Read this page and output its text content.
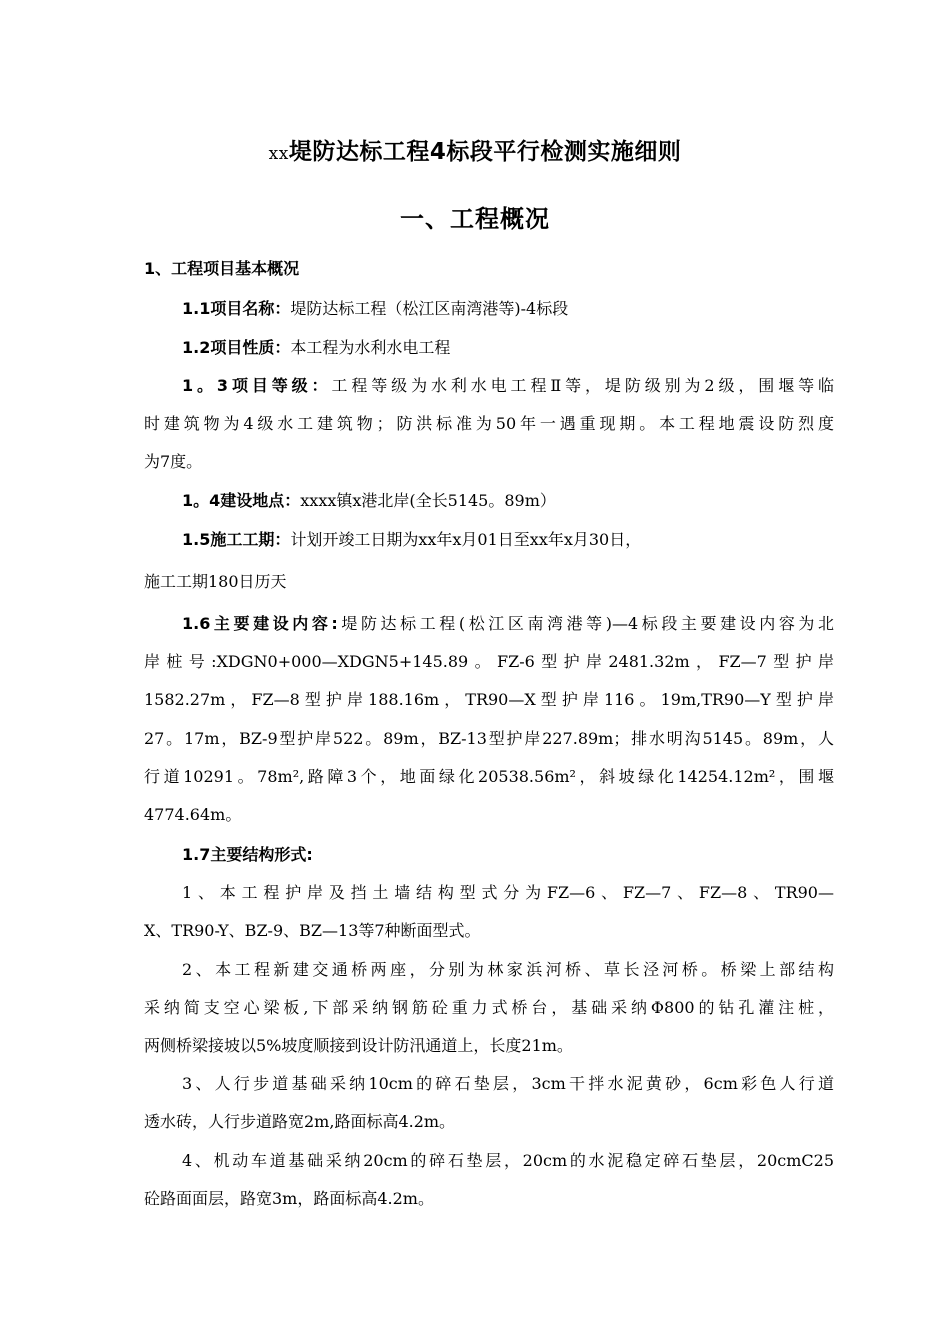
xx堤防达标工程4标段平行检测实施细则
一、工程概况
1、工程项目基本概况
1.1项目名称：堤防达标工程（松江区南湾港等)-4标段
1.2项目性质：本工程为水利水电工程
1。3项目等级：工程等级为水利水电工程Ⅱ等，堤防级别为2级，围堰等临
时建筑物为4级水工建筑物；防洪标准为50年一遇重现期。本工程地震设防烈度
为7度。
1。4建设地点：xxxx镇x港北岸(全长5145。89m）
1.5施工工期：计划开竣工日期为xx年x月01日至xx年x月30日，
施工工期180日历天
1.6主要建设内容:堤防达标工程(松江区南湾港等)—4标段主要建设内容为北
岸桩号:XDGN0+000—XDGN5+145.89。FZ-6型护岸2481.32m，FZ—7型护岸
1582.27m，FZ—8型护岸188.16m，TR90—X型护岸116。19m,TR90—Y型护岸
27。17m，BZ-9型护岸522。89m，BZ-13型护岸227.89m；排水明沟5145。89m，人
行道10291。78m²,路障3个，地面绿化20538.56m²，斜坡绿化14254.12m²，围堰
4774.64m。
1.7主要结构形式:
1、本工程护岸及挡土墙结构型式分为FZ—6、FZ—7、FZ—8、TR90—
X、TR90-Y、BZ-9、BZ—13等7种断面型式。
2、本工程新建交通桥两座，分别为林家浜河桥、草长泾河桥。桥梁上部结构
采纳简支空心梁板,下部采纳钢筋砼重力式桥台，基础采纳Φ800的钻孔灌注桩，
两侧桥梁接坡以5%坡度顺接到设计防汛通道上，长度21m。
3、人行步道基础采纳10cm的碎石垫层，3cm干拌水泥黄砂，6cm彩色人行道
透水砖，人行步道路宽2m,路面标高4.2m。
4、机动车道基础采纳20cm的碎石垫层，20cm的水泥稳定碎石垫层，20cmC25
砼路面面层，路宽3m，路面标高4.2m。
